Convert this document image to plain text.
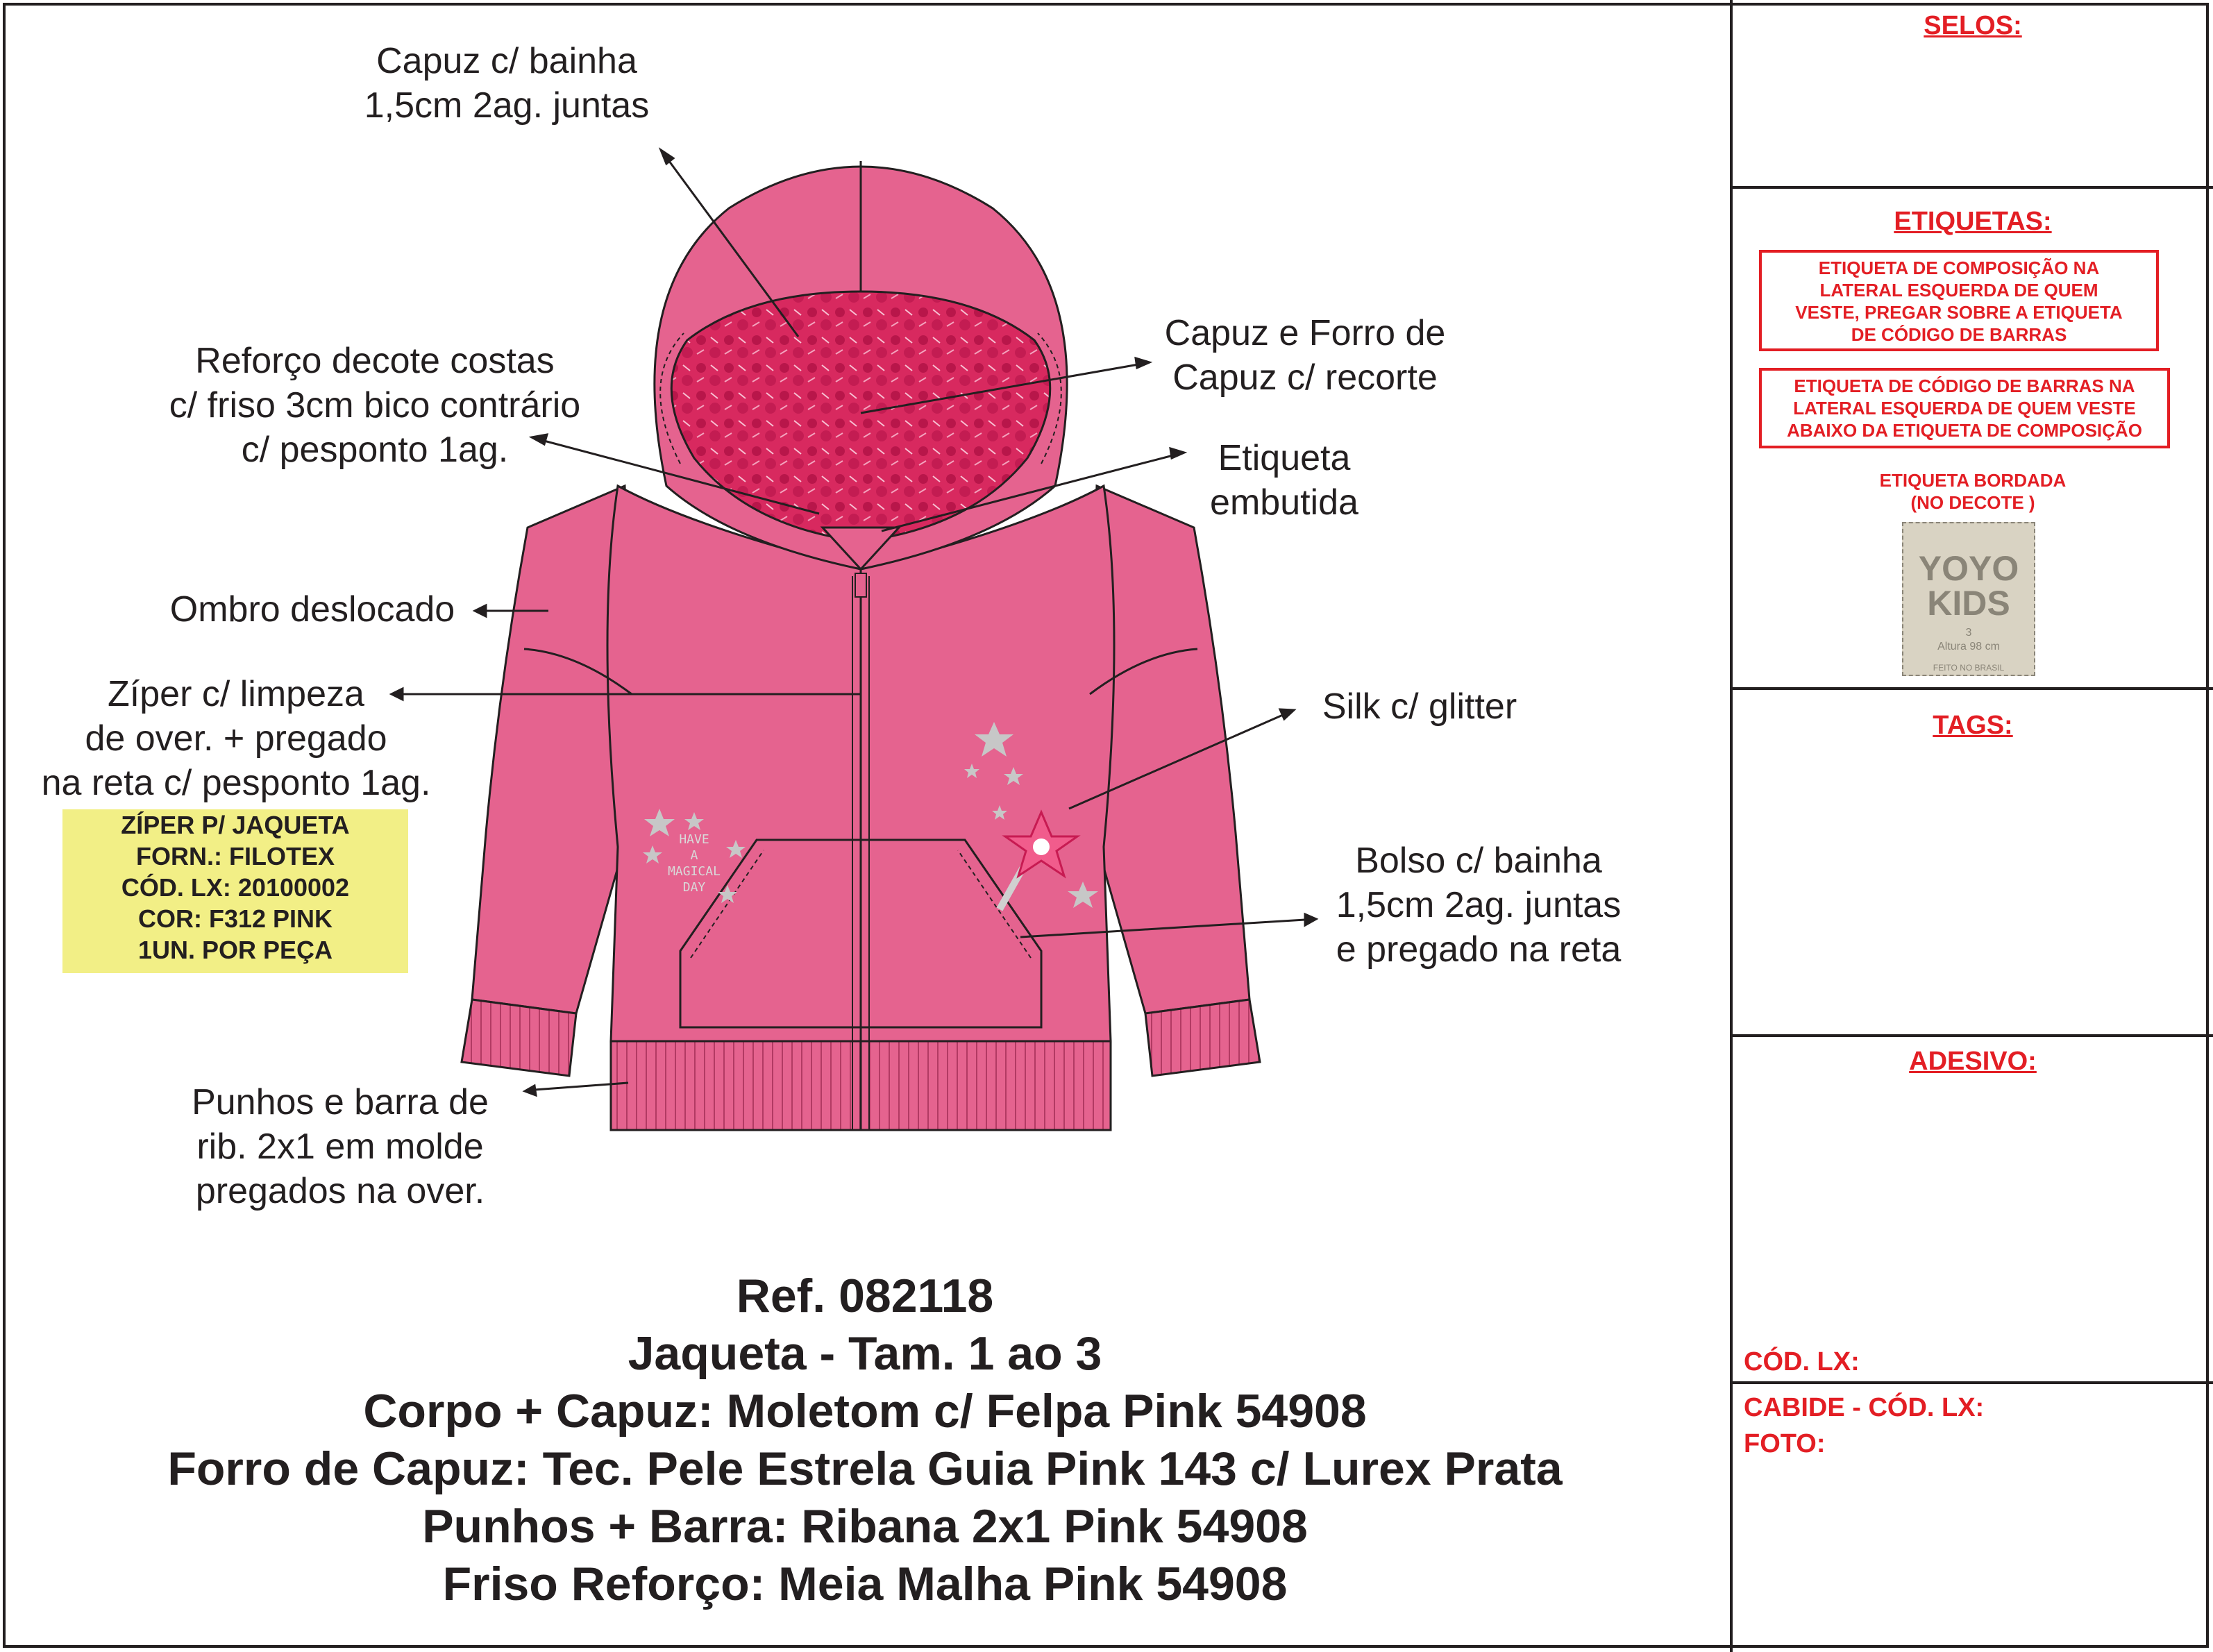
HAVE
A
MAGICAL
DAY
Capuz c/ bainha
1,5cm 2ag. juntas
Reforço decote costas
c/ friso 3cm bico contrário
c/ pesponto 1ag.
Capuz e Forro de
Capuz c/ recorte
Etiqueta
embutida
Ombro deslocado
Zíper c/ limpeza
de over. + pregado
na reta c/ pesponto 1ag.
Silk c/ glitter
Bolso c/ bainha
1,5cm 2ag. juntas
e pregado na reta
Punhos e barra de
rib. 2x1 em molde
pregados na over.
ZÍPER P/ JAQUETA
FORN.: FILOTEX
CÓD. LX: 20100002
COR: F312 PINK
1UN. POR PEÇA
Ref. 082118
Jaqueta - Tam. 1 ao 3
Corpo + Capuz: Moletom c/ Felpa Pink 54908
Forro de Capuz: Tec. Pele Estrela Guia Pink 143 c/ Lurex Prata
Punhos + Barra: Ribana 2x1 Pink 54908
Friso Reforço: Meia Malha Pink 54908
SELOS:
ETIQUETAS:
ETIQUETA DE COMPOSIÇÃO NA
LATERAL ESQUERDA DE QUEM
VESTE, PREGAR SOBRE A ETIQUETA
DE CÓDIGO DE BARRAS
ETIQUETA DE CÓDIGO DE BARRAS NA
LATERAL ESQUERDA DE QUEM VESTE
ABAIXO DA ETIQUETA DE COMPOSIÇÃO
ETIQUETA BORDADA
(NO DECOTE )
YOYO
KIDS
3
Altura 98 cm
FEITO NO BRASIL
TAGS:
ADESIVO:
CÓD. LX:
CABIDE - CÓD. LX:
FOTO:
